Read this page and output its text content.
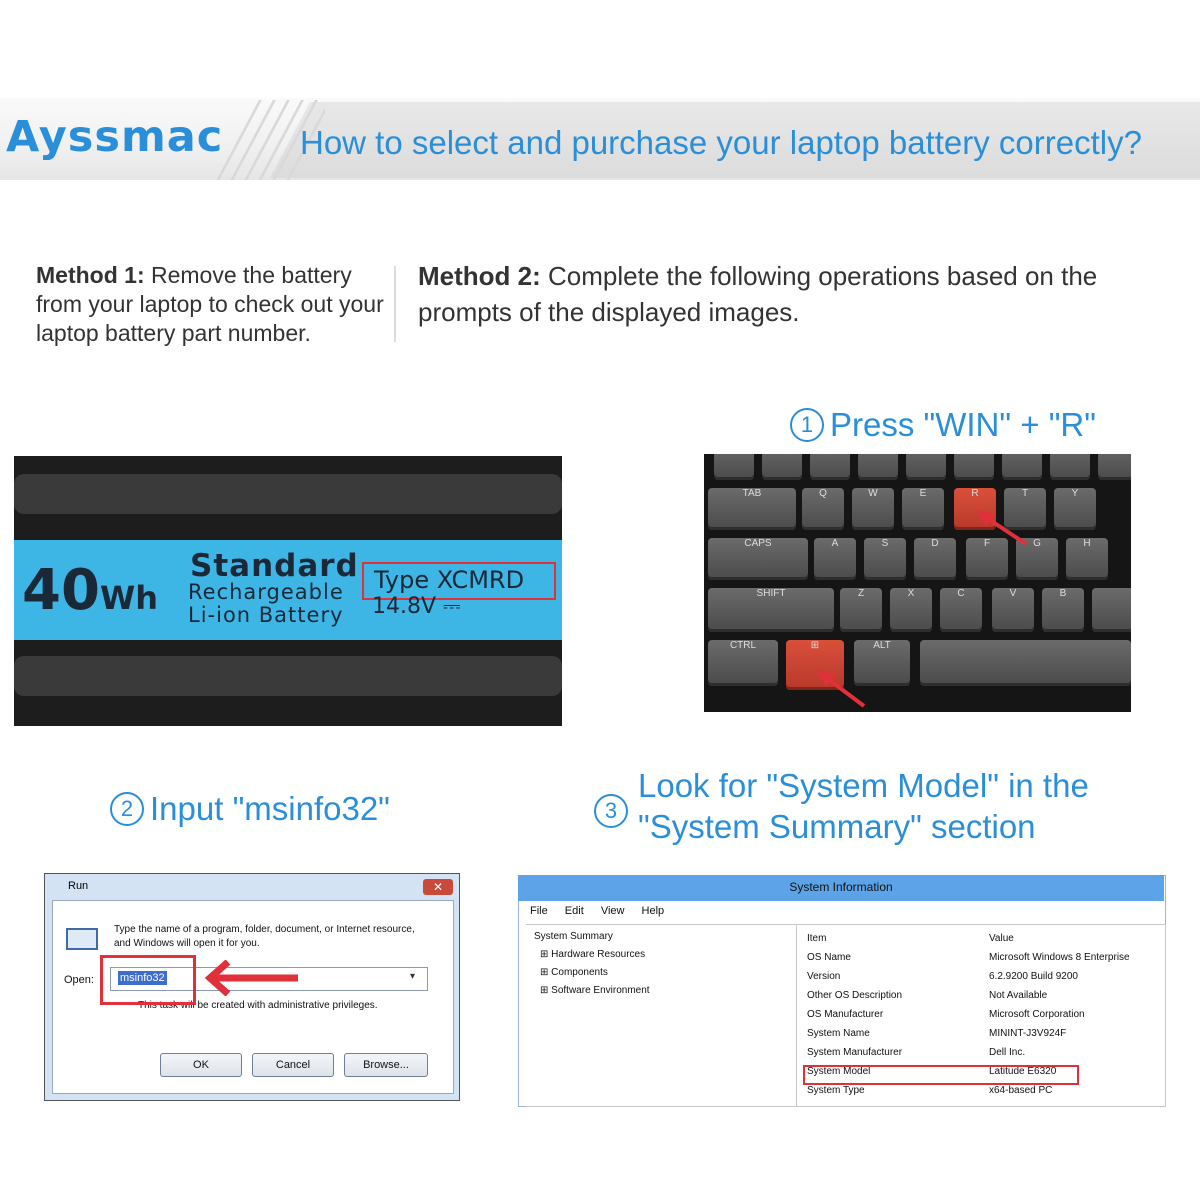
Ayssmac How to select and purchase your laptop battery correctly?
Method 1: Remove the battery from your laptop to check out your laptop battery part number.
Method 2: Complete the following operations based on the prompts of the displayed images.
1 Press "WIN" + "R"
2 Input "msinfo32"	3
Look for "System Model" in the
"System Summary" section
40Wh
Standard
Rechargeable
Li-ion Battery
Type XCMRD
14.8V ⎓
TAB	Q	W	E	R	T	Y
CAPS	A	S	D	F	G	H
SHIFT	Z	X	C	V	B
CTRL	⊞	ALT
Run	✕
Type the name of a program, folder, document, or Internet resource, and Windows will open it for you.
Open: msinfo32	▾
This task will be created with administrative privileges.
OK	Cancel	Browse...
System Information
File Edit View Help
System Summary
⊞ Hardware Resources
⊞ Components
⊞ Software Environment
Item	Value
OS Name	Microsoft Windows 8 Enterprise
Version	6.2.9200 Build 9200
Other OS Description	Not Available
OS Manufacturer	Microsoft Corporation
System Name	MININT-J3V924F
System Manufacturer	Dell Inc.
System Model	Latitude E6320
System Type	x64-based PC
